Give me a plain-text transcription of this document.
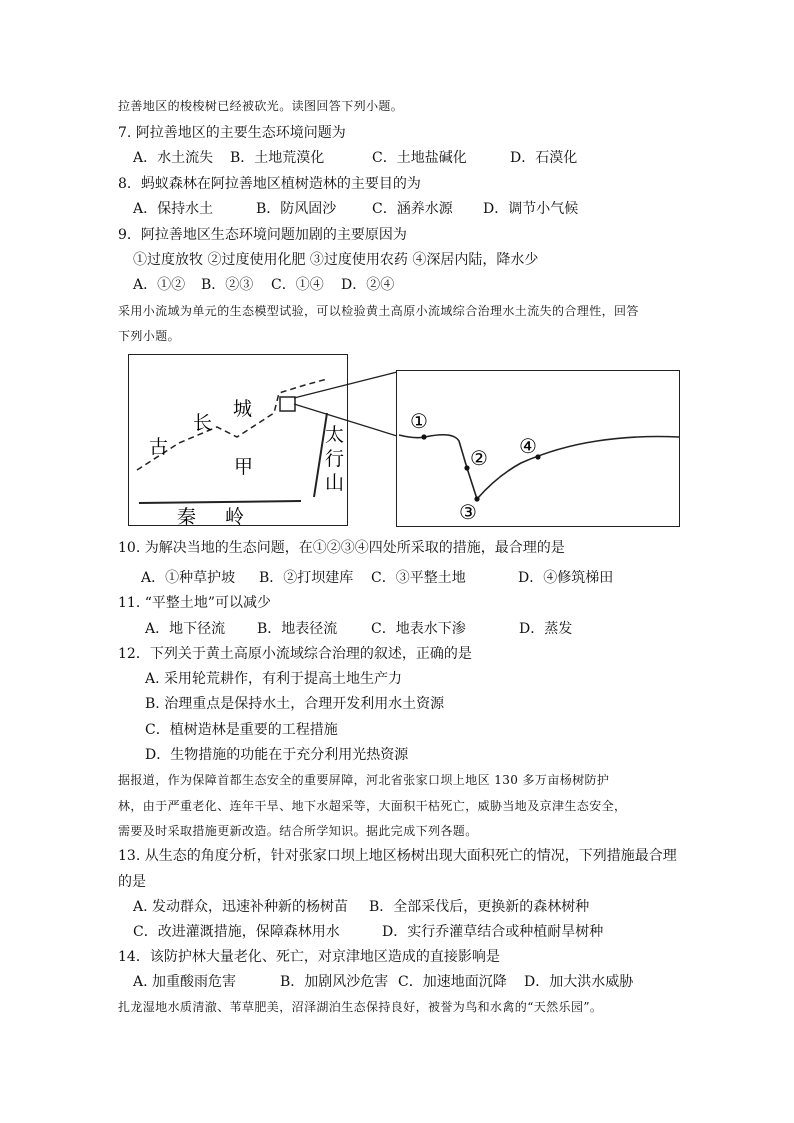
拉善地区的梭梭树已经被砍光。读图回答下列小题。
7. 阿拉善地区的主要生态环境问题为
A．水土流失 B．土地荒漠化	C．土地盐碱化	D．石漠化
8．蚂蚁森林在阿拉善地区植树造林的主要目的为
A．保持水土	B．防风固沙	C．涵养水源 D．调节小气候
9．阿拉善地区生态环境问题加剧的主要原因为
①过度放牧 ②过度使用化肥 ③过度使用农药 ④深居内陆，降水少
A．①② B．②③ C．①④ D．②④
采用小流域为单元的生态模型试验，可以检验黄土高原小流域综合治理水土流失的合理性，回答
下列小题。
古
长
城
甲
秦 岭
太
行
山
①
②
③
④
10. 为解决当地的生态问题，在①②③④四处所采取的措施，最合理的是
A．①种草护坡 B．②打坝建库 C．③平整土地	D．④修筑梯田
11. “平整土地”可以减少
A．地下径流 B．地表径流 C．地表水下渗	D．蒸发
12．下列关于黄土高原小流域综合治理的叙述，正确的是
A. 采用轮荒耕作，有利于提高土地生产力
B. 治理重点是保持水土，合理开发利用水土资源
C．植树造林是重要的工程措施
D．生物措施的功能在于充分利用光热资源
据报道，作为保障首都生态安全的重要屏障，河北省张家口坝上地区 130 多万亩杨树防护
林，由于严重老化、连年干旱、地下水超采等，大面积干枯死亡，威胁当地及京津生态安全，
需要及时采取措施更新改造。结合所学知识。据此完成下列各题。
13. 从生态的角度分析，针对张家口坝上地区杨树出现大面积死亡的情况，下列措施最合理
的是
A. 发动群众，迅速补种新的杨树苗 B．全部采伐后，更换新的森林树种
C．改进灌溉措施，保障森林用水	D．实行乔灌草结合或种植耐旱树种
14．该防护林大量老化、死亡，对京津地区造成的直接影响是
A. 加重酸雨危害	B．加剧风沙危害 C．加速地面沉降 D．加大洪水威胁
扎龙湿地水质清澈、苇草肥美，沼泽湖泊生态保持良好，被誉为鸟和水禽的“天然乐园”。
